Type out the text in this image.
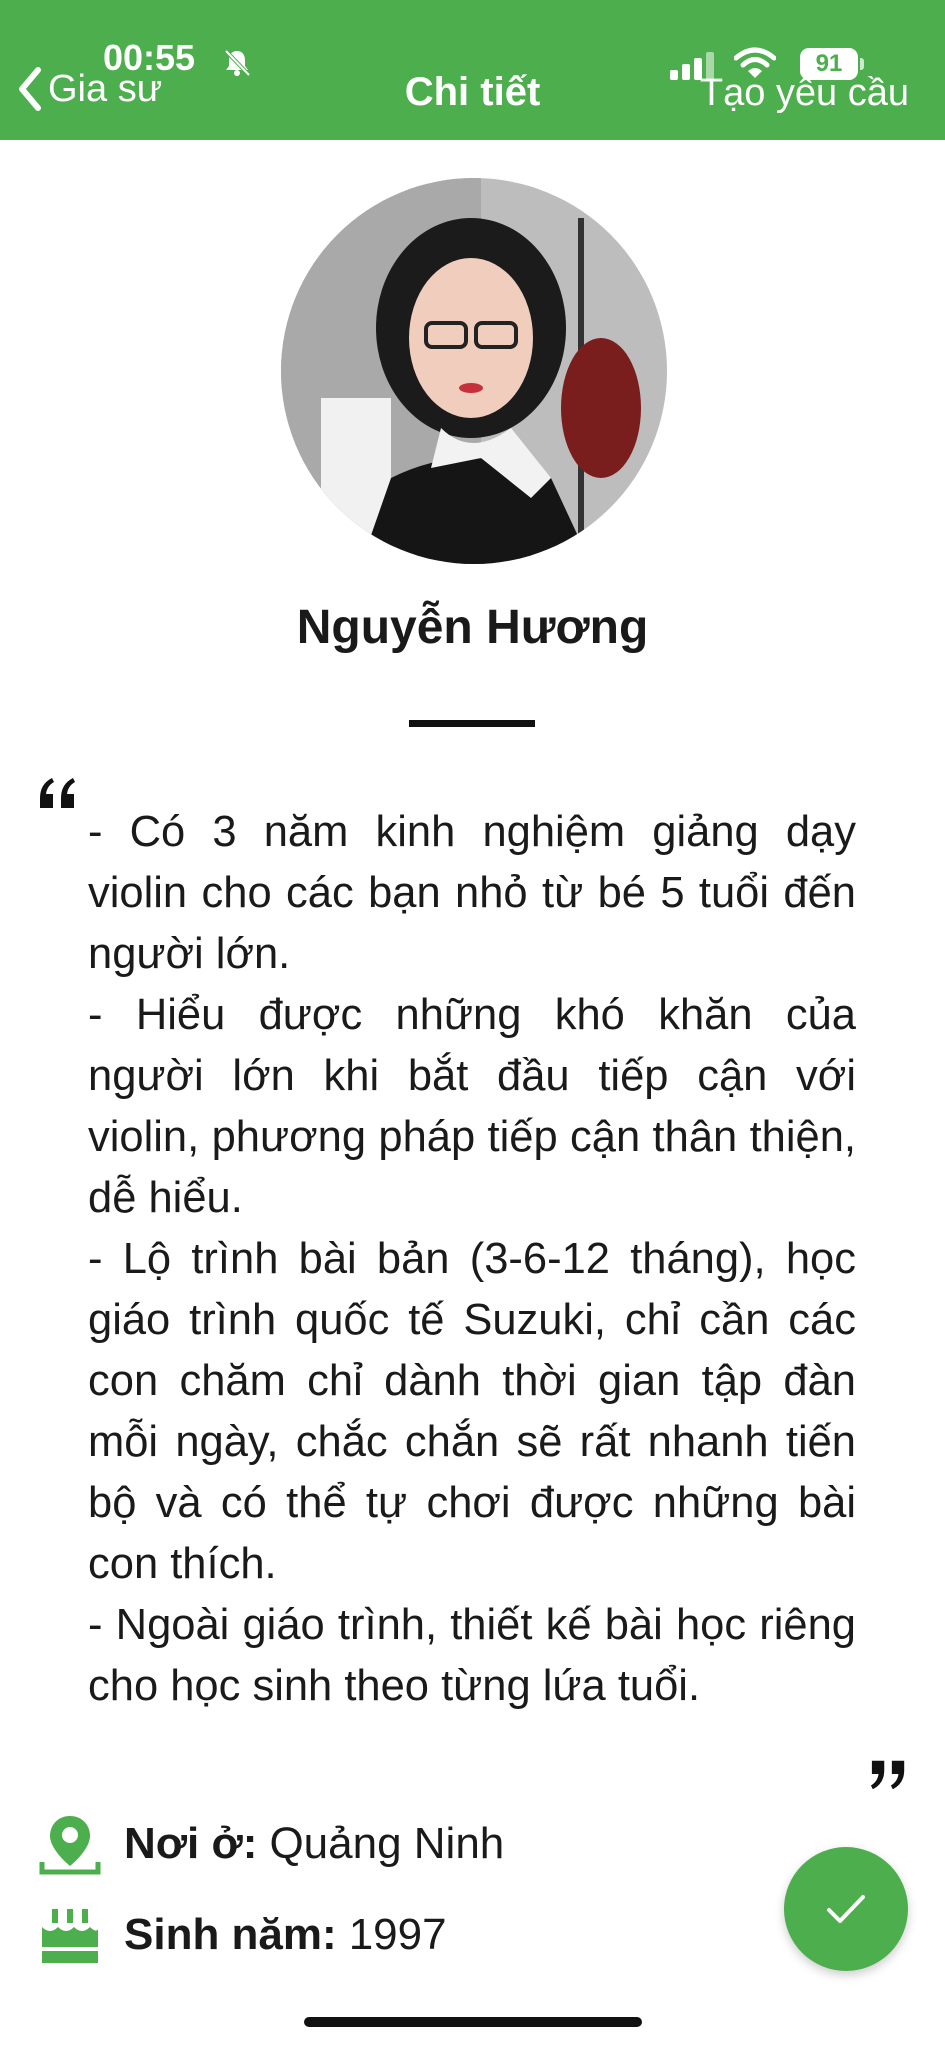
00:55	91
Gia sư	Chi tiết	Tạo yêu cầu
Nguyễn Hương

- Có 3 năm kinh nghiệm giảng dạy violin cho các bạn nhỏ từ bé 5 tuổi đến người lớn.

- Hiểu được những khó khăn của người lớn khi bắt đầu tiếp cận với violin, phương pháp tiếp cận thân thiện, dễ hiểu.

- Lộ trình bài bản (3-6-12 tháng), học giáo trình quốc tế Suzuki, chỉ cần các con chăm chỉ dành thời gian tập đàn mỗi ngày, chắc chắn sẽ rất nhanh tiến bộ và có thể tự chơi được những bài con thích.

- Ngoài giáo trình, thiết kế bài học riêng cho học sinh theo từng lứa tuổi.

Nơi ở: Quảng Ninh
Sinh năm: 1997
